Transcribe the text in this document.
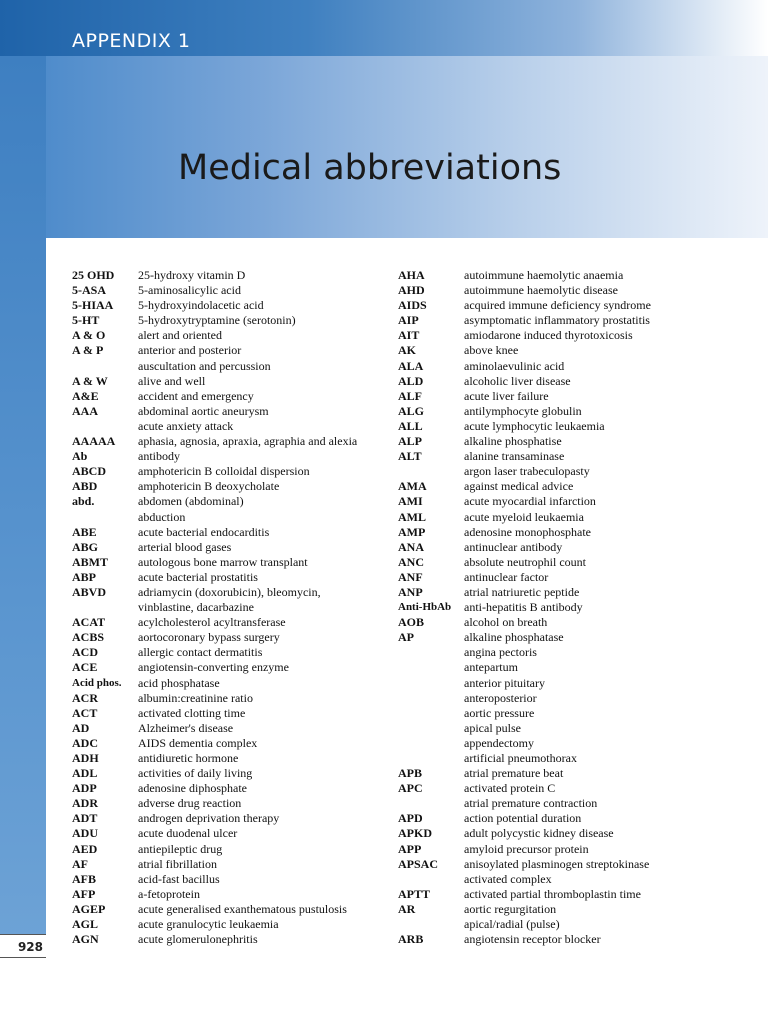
APPENDIX 1
Medical abbreviations
25 OHD	25-hydroxy vitamin D
5-ASA	5-aminosalicylic acid
5-HIAA	5-hydroxyindolacetic acid
5-HT	5-hydroxytryptamine (serotonin)
A & O	alert and oriented
A & P	anterior and posterior
auscultation and percussion
A & W	alive and well
A&E	accident and emergency
AAA	abdominal aortic aneurysm
acute anxiety attack
AAAAA	aphasia, agnosia, apraxia, agraphia and alexia
Ab	antibody
ABCD	amphotericin B colloidal dispersion
ABD	amphotericin B deoxycholate
abd.	abdomen (abdominal)
abduction
ABE	acute bacterial endocarditis
ABG	arterial blood gases
ABMT	autologous bone marrow transplant
ABP	acute bacterial prostatitis
ABVD	adriamycin (doxorubicin), bleomycin,
vinblastine, dacarbazine
ACAT	acylcholesterol acyltransferase
ACBS	aortocoronary bypass surgery
ACD	allergic contact dermatitis
ACE	angiotensin-converting enzyme
Acid phos.	acid phosphatase
ACR	albumin:creatinine ratio
ACT	activated clotting time
AD	Alzheimer's disease
ADC	AIDS dementia complex
ADH	antidiuretic hormone
ADL	activities of daily living
ADP	adenosine diphosphate
ADR	adverse drug reaction
ADT	androgen deprivation therapy
ADU	acute duodenal ulcer
AED	antiepileptic drug
AF	atrial fibrillation
AFB	acid-fast bacillus
AFP	a-fetoprotein
AGEP	acute generalised exanthematous pustulosis
AGL	acute granulocytic leukaemia
AGN	acute glomerulonephritis
AHA	autoimmune haemolytic anaemia
AHD	autoimmune haemolytic disease
AIDS	acquired immune deficiency syndrome
AIP	asymptomatic inflammatory prostatitis
AIT	amiodarone induced thyrotoxicosis
AK	above knee
ALA	aminolaevulinic acid
ALD	alcoholic liver disease
ALF	acute liver failure
ALG	antilymphocyte globulin
ALL	acute lymphocytic leukaemia
ALP	alkaline phosphatise
ALT	alanine transaminase
argon laser trabeculopasty
AMA	against medical advice
AMI	acute myocardial infarction
AML	acute myeloid leukaemia
AMP	adenosine monophosphate
ANA	antinuclear antibody
ANC	absolute neutrophil count
ANF	antinuclear factor
ANP	atrial natriuretic peptide
Anti-HbAb	anti-hepatitis B antibody
AOB	alcohol on breath
AP	alkaline phosphatase
angina pectoris
antepartum
anterior pituitary
anteroposterior
aortic pressure
apical pulse
appendectomy
artificial pneumothorax
APB	atrial premature beat
APC	activated protein C
atrial premature contraction
APD	action potential duration
APKD	adult polycystic kidney disease
APP	amyloid precursor protein
APSAC	anisoylated plasminogen streptokinase
activated complex
APTT	activated partial thromboplastin time
AR	aortic regurgitation
apical/radial (pulse)
ARB	angiotensin receptor blocker
928
